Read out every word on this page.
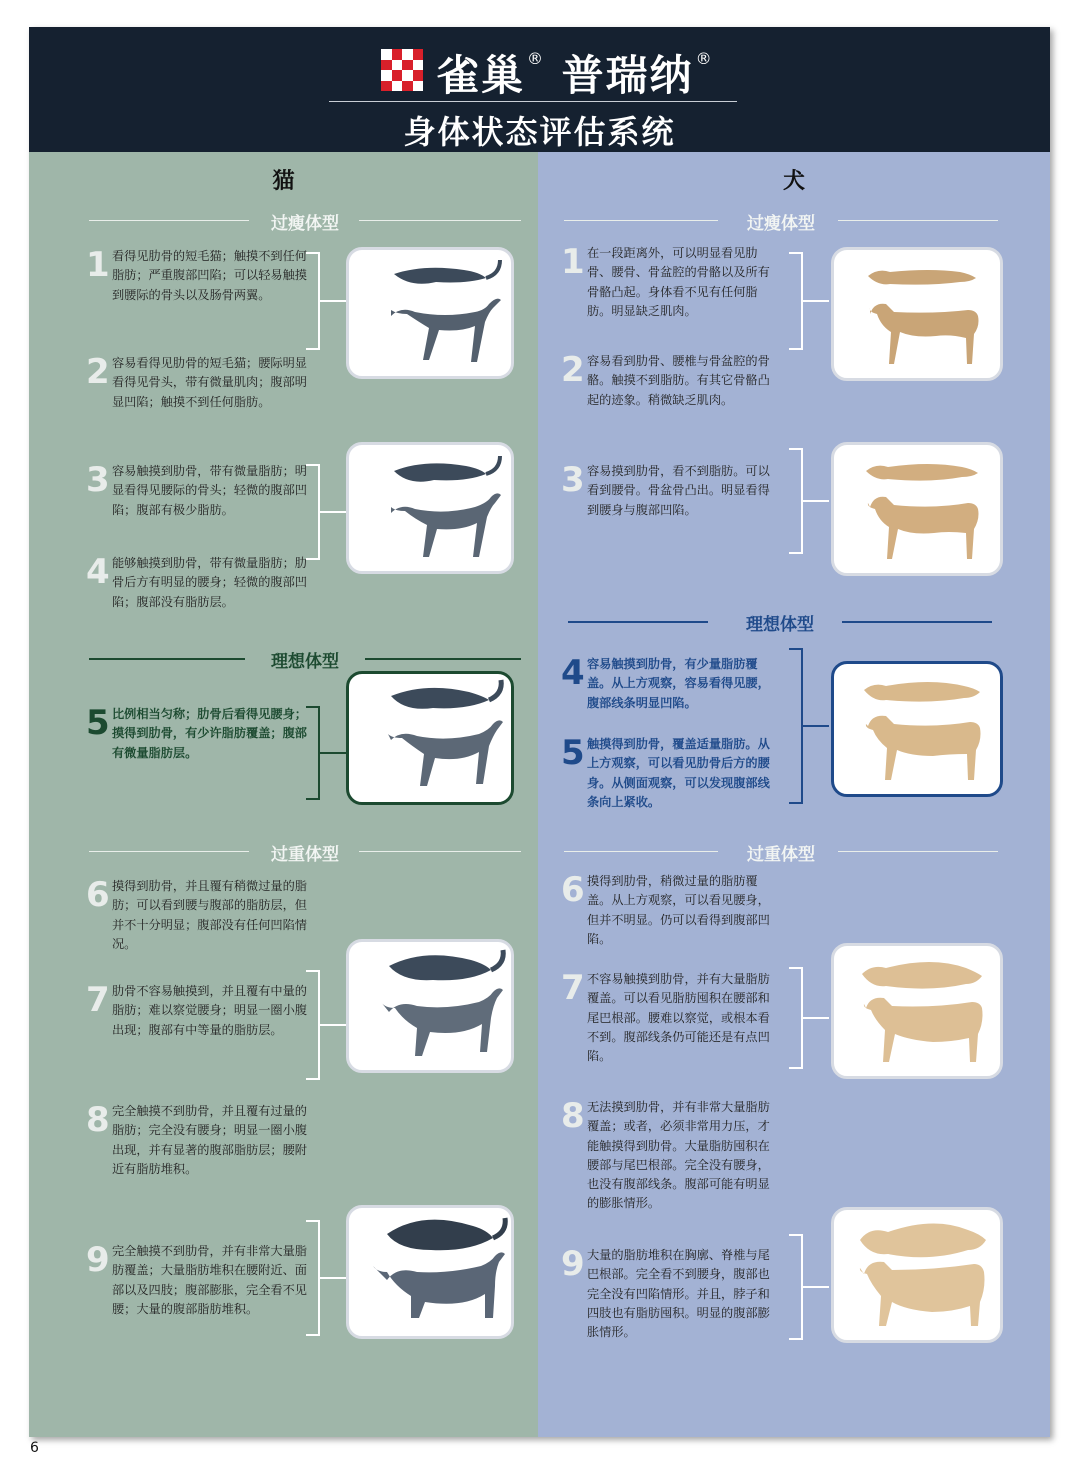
雀巢 ® 普瑞纳 ®
身体状态评估系统
猫
过瘦体型
1 看得见肋骨的短毛猫；触摸不到任何脂肪；严重腹部凹陷；可以轻易触摸到腰际的骨头以及肠骨两翼。
2 容易看得见肋骨的短毛猫；腰际明显看得见骨头，带有微量肌肉；腹部明显凹陷；触摸不到任何脂肪。
3 容易触摸到肋骨，带有微量脂肪；明显看得见腰际的骨头；轻微的腹部凹陷；腹部有极少脂肪。
4 能够触摸到肋骨，带有微量脂肪；肋骨后方有明显的腰身；轻微的腹部凹陷；腹部没有脂肪层。
理想体型
5 比例相当匀称；肋骨后看得见腰身；摸得到肋骨，有少许脂肪覆盖；腹部有微量脂肪层。
过重体型
6 摸得到肋骨，并且覆有稍微过量的脂肪；可以看到腰与腹部的脂肪层，但并不十分明显；腹部没有任何凹陷情况。
7 肋骨不容易触摸到，并且覆有中量的脂肪；难以察觉腰身；明显一圈小腹出现；腹部有中等量的脂肪层。
8 完全触摸不到肋骨，并且覆有过量的脂肪；完全没有腰身；明显一圈小腹出现，并有显著的腹部脂肪层；腰附近有脂肪堆积。
9 完全触摸不到肋骨，并有非常大量脂肪覆盖；大量脂肪堆积在腰附近、面部以及四肢；腹部膨胀，完全看不见腰；大量的腹部脂肪堆积。
犬
过瘦体型
1 在一段距离外，可以明显看见肋骨、腰骨、骨盆腔的骨骼以及所有骨骼凸起。身体看不见有任何脂肪。明显缺乏肌肉。
2 容易看到肋骨、腰椎与骨盆腔的骨骼。触摸不到脂肪。有其它骨骼凸起的迹象。稍微缺乏肌肉。
3 容易摸到肋骨，看不到脂肪。可以看到腰骨。骨盆骨凸出。明显看得到腰身与腹部凹陷。
理想体型
4 容易触摸到肋骨，有少量脂肪覆盖。从上方观察，容易看得见腰，腹部线条明显凹陷。
5 触摸得到肋骨，覆盖适量脂肪。从上方观察，可以看见肋骨后方的腰身。从侧面观察，可以发现腹部线条向上紧收。
过重体型
6 摸得到肋骨，稍微过量的脂肪覆盖。从上方观察，可以看见腰身，但并不明显。仍可以看得到腹部凹陷。
7 不容易触摸到肋骨，并有大量脂肪覆盖。可以看见脂肪囤积在腰部和尾巴根部。腰难以察觉，或根本看不到。腹部线条仍可能还是有点凹陷。
8 无法摸到肋骨，并有非常大量脂肪覆盖；或者，必须非常用力压，才能触摸得到肋骨。大量脂肪囤积在腰部与尾巴根部。完全没有腰身，也没有腹部线条。腹部可能有明显的膨胀情形。
9 大量的脂肪堆积在胸廓、脊椎与尾巴根部。完全看不到腰身，腹部也完全没有凹陷情形。并且，脖子和四肢也有脂肪囤积。明显的腹部膨胀情形。
6
